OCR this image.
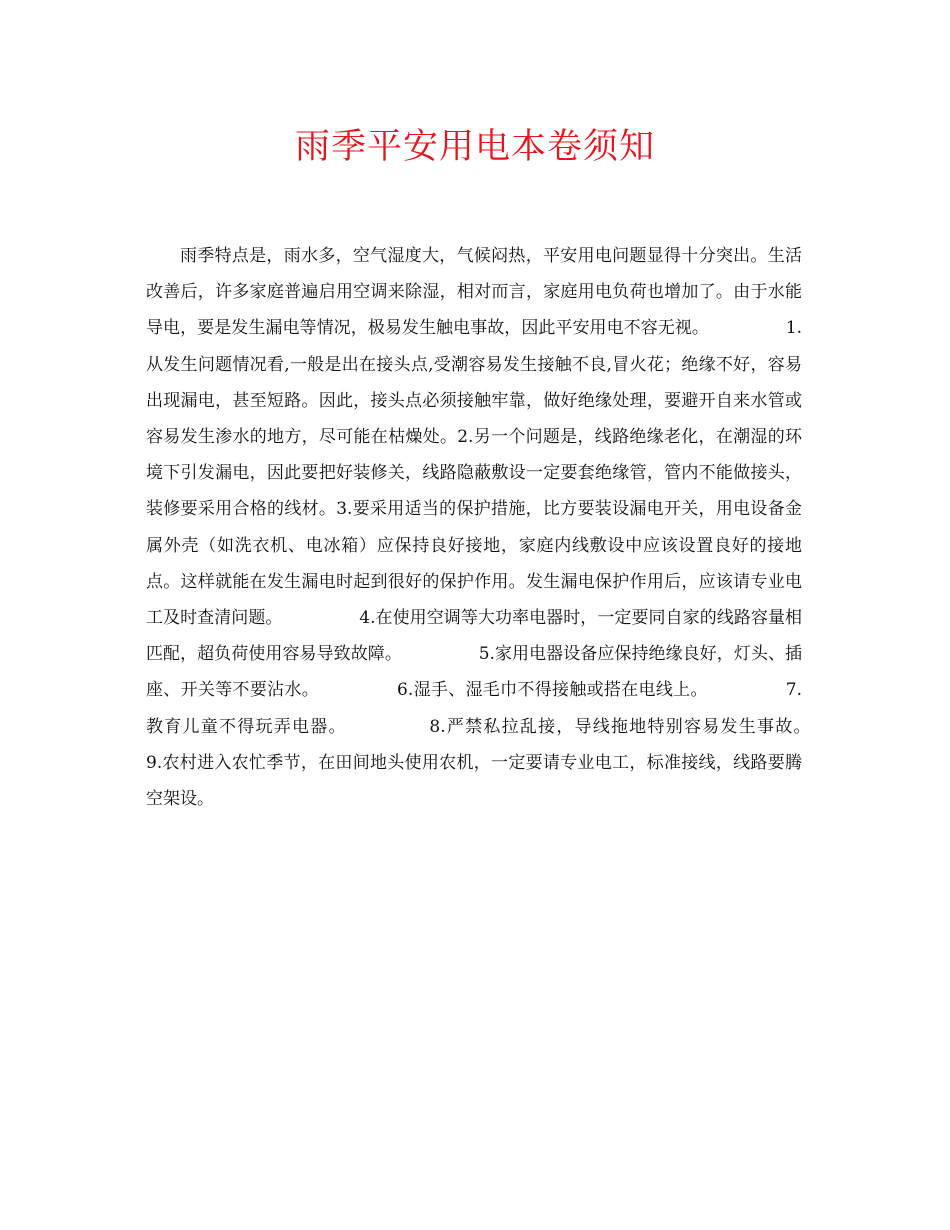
雨季平安用电本卷须知

雨季特点是，雨水多，空气湿度大，气候闷热，平安用电问题显得十分突出。生活改善后，许多家庭普遍启用空调来除湿，相对而言，家庭用电负荷也增加了。由于水能导电，要是发生漏电等情况，极易发生触电事故，因此平安用电不容无视。　　　　　1.从发生问题情况看,一般是出在接头点,受潮容易发生接触不良,冒火花；绝缘不好，容易出现漏电，甚至短路。因此，接头点必须接触牢靠，做好绝缘处理，要避开自来水管或容易发生渗水的地方，尽可能在枯燥处。2.另一个问题是，线路绝缘老化，在潮湿的环境下引发漏电，因此要把好装修关，线路隐蔽敷设一定要套绝缘管，管内不能做接头，装修要采用合格的线材。3.要采用适当的保护措施，比方要装设漏电开关，用电设备金属外壳（如洗衣机、电冰箱）应保持良好接地，家庭内线敷设中应该设置良好的接地点。这样就能在发生漏电时起到很好的保护作用。发生漏电保护作用后，应该请专业电工及时查清问题。　　　　　4.在使用空调等大功率电器时，一定要同自家的线路容量相匹配，超负荷使用容易导致故障。　　　　　5.家用电器设备应保持绝缘良好，灯头、插座、开关等不要沾水。　　　　　6.湿手、湿毛巾不得接触或搭在电线上。　　　　　7.教育儿童不得玩弄电器。　　　　　8.严禁私拉乱接，导线拖地特别容易发生事故。　　　　　9.农村进入农忙季节，在田间地头使用农机，一定要请专业电工，标准接线，线路要腾空架设。
